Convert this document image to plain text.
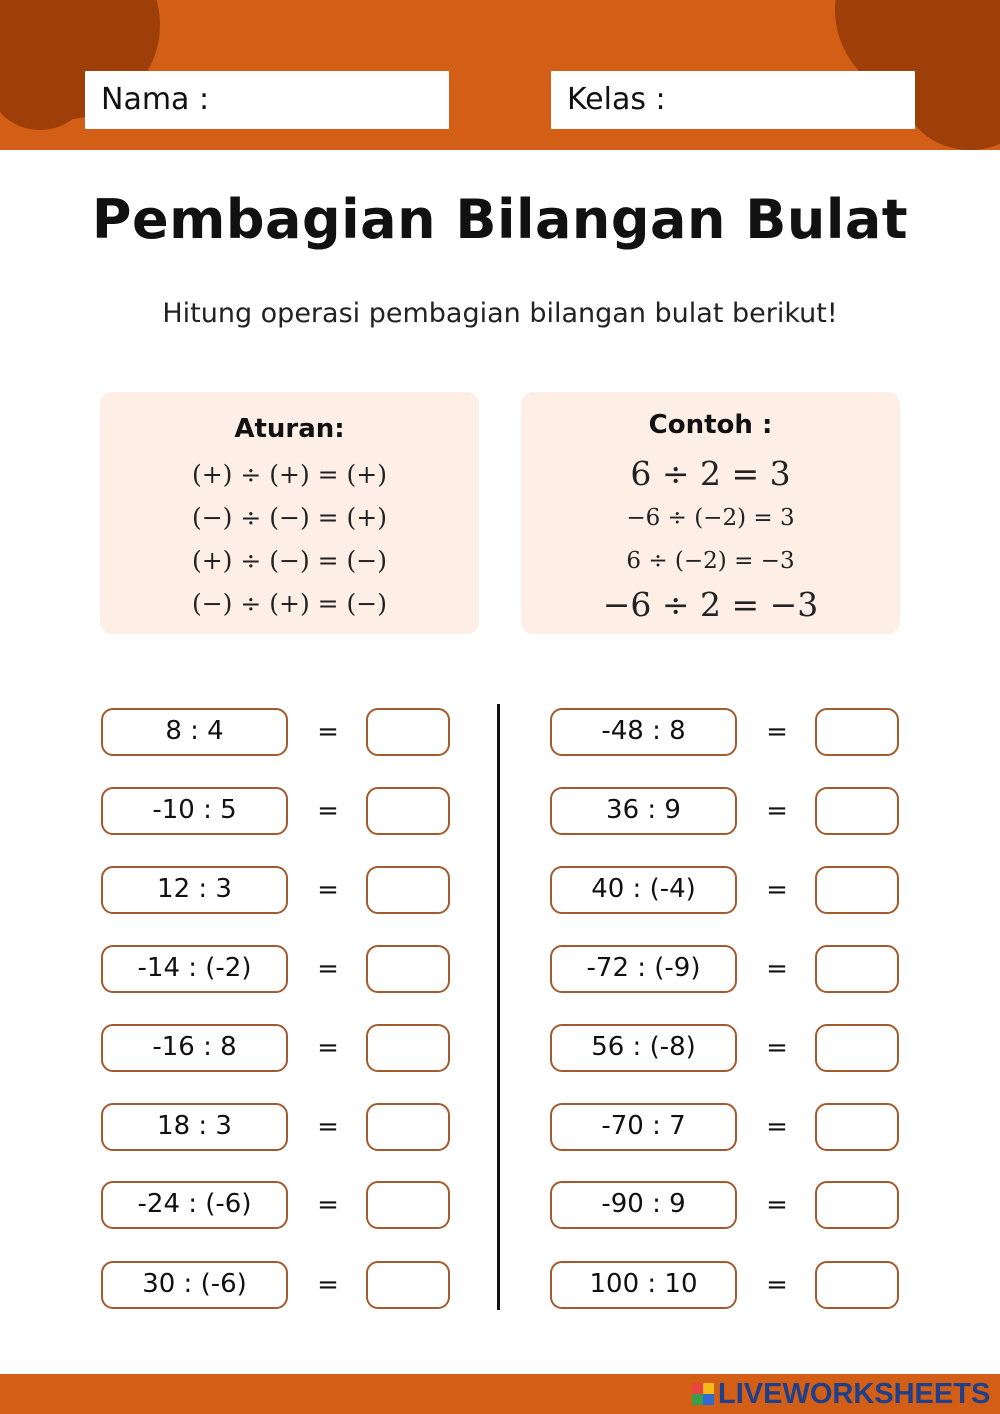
Nama :	Kelas :
Pembagian Bilangan Bulat
Hitung operasi pembagian bilangan bulat berikut!
Aturan:
(+) ÷ (+) = (+)
(−) ÷ (−) = (+)
(+) ÷ (−) = (−)
(−) ÷ (+) = (−)
Contoh :
6 ÷ 2 = 3
−6 ÷ (−2) = 3
6 ÷ (−2) = −3
−6 ÷ 2 = −3
8 : 4	=
-10 : 5	=
12 : 3	=
-14 : (-2)	=
-16 : 8	=
18 : 3	=
-24 : (-6)	=
30 : (-6)	=
-48 : 8	=
36 : 9	=
40 : (-4)	=
-72 : (-9)	=
56 : (-8)	=
-70 : 7	=
-90 : 9	=
100 : 10	=
LIVEWORKSHEETS
